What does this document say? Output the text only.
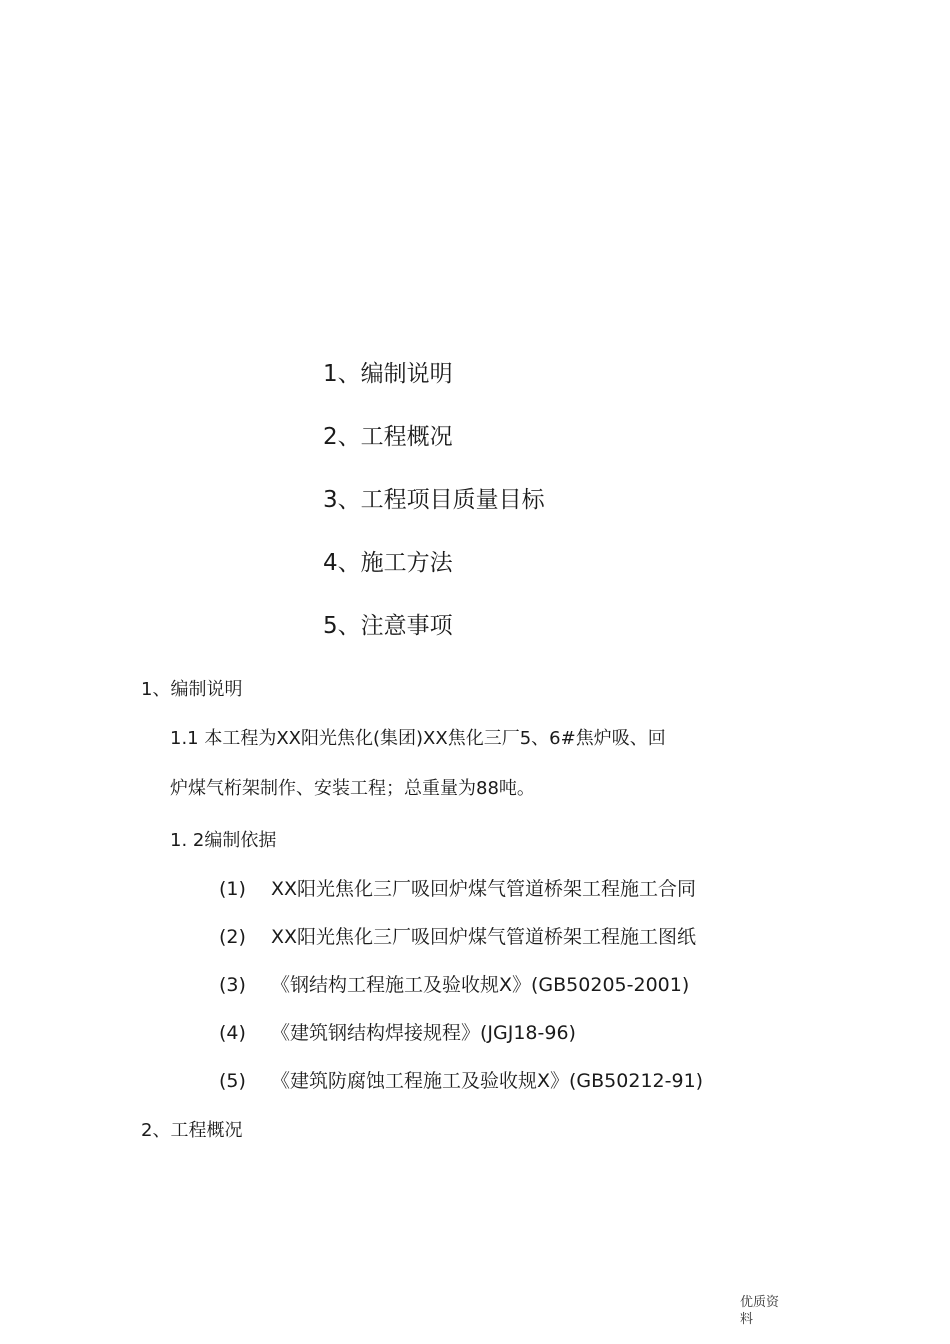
1、编制说明
2、工程概况
3、工程项目质量目标
4、施工方法
5、注意事项
1、编制说明
1.1 本工程为XX阳光焦化(集团)XX焦化三厂5、6#焦炉吸、回
炉煤气桁架制作、安装工程；总重量为88吨。
1. 2编制依据
(1) XX阳光焦化三厂吸回炉煤气管道桥架工程施工合同
(2) XX阳光焦化三厂吸回炉煤气管道桥架工程施工图纸
(3) 《钢结构工程施工及验收规X》(GB50205-2001)
(4) 《建筑钢结构焊接规程》(JGJ18-96)
(5) 《建筑防腐蚀工程施工及验收规X》(GB50212-91)
2、工程概况
优质资料
